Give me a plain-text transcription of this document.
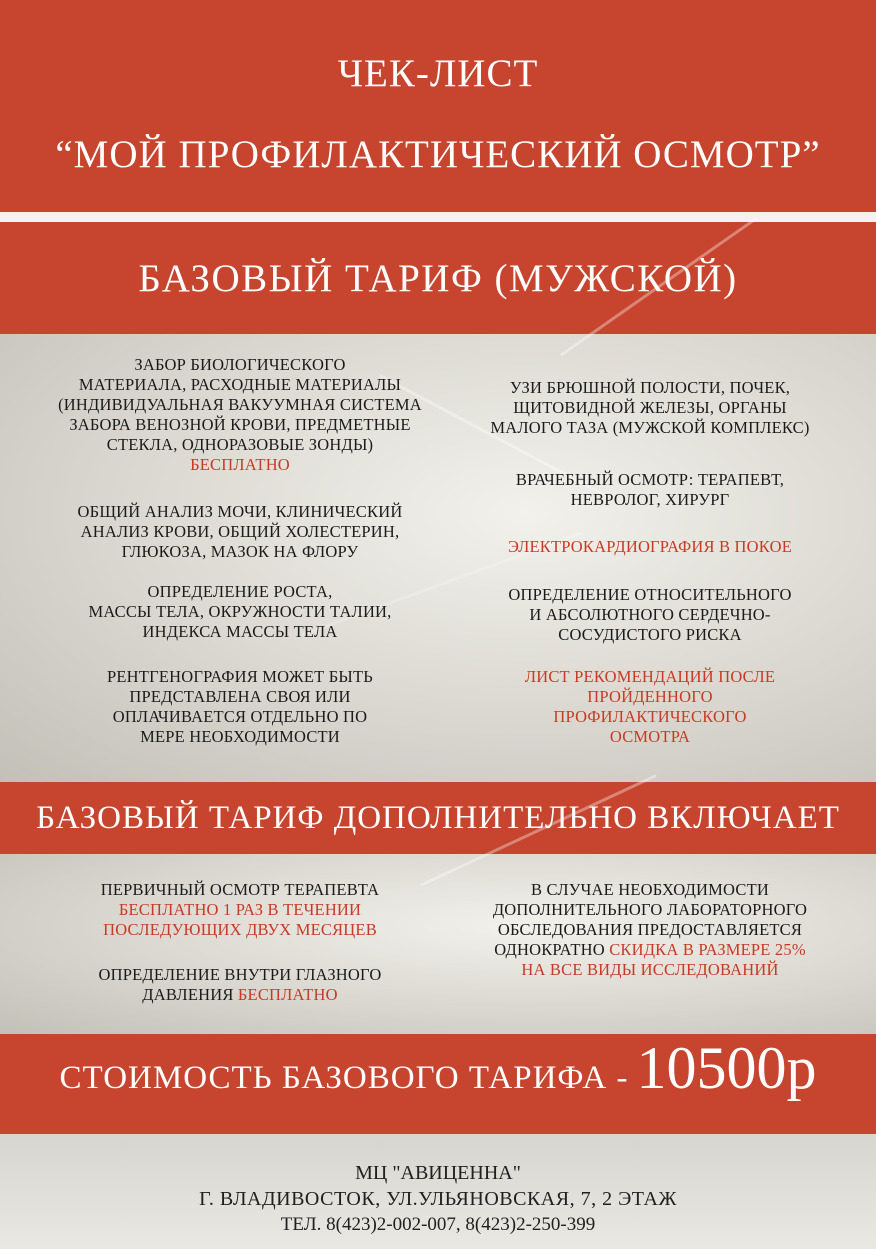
ЧЕК-ЛИСТ
“МОЙ ПРОФИЛАКТИЧЕСКИЙ ОСМОТР”
БАЗОВЫЙ ТАРИФ (МУЖСКОЙ)
ЗАБОР БИОЛОГИЧЕСКОГО
МАТЕРИАЛА, РАСХОДНЫЕ МАТЕРИАЛЫ
(ИНДИВИДУАЛЬНАЯ ВАКУУМНАЯ СИСТЕМА
ЗАБОРА ВЕНОЗНОЙ КРОВИ, ПРЕДМЕТНЫЕ
СТЕКЛА, ОДНОРАЗОВЫЕ ЗОНДЫ)
БЕСПЛАТНО
ОБЩИЙ АНАЛИЗ МОЧИ, КЛИНИЧЕСКИЙ
АНАЛИЗ КРОВИ, ОБЩИЙ ХОЛЕСТЕРИН,
ГЛЮКОЗА, МАЗОК НА ФЛОРУ
ОПРЕДЕЛЕНИЕ РОСТА,
МАССЫ ТЕЛА, ОКРУЖНОСТИ ТАЛИИ,
ИНДЕКСА МАССЫ ТЕЛА
РЕНТГЕНОГРАФИЯ МОЖЕТ БЫТЬ
ПРЕДСТАВЛЕНА СВОЯ ИЛИ
ОПЛАЧИВАЕТСЯ ОТДЕЛЬНО ПО
МЕРЕ НЕОБХОДИМОСТИ
УЗИ БРЮШНОЙ ПОЛОСТИ, ПОЧЕК,
ЩИТОВИДНОЙ ЖЕЛЕЗЫ, ОРГАНЫ
МАЛОГО ТАЗА (МУЖСКОЙ КОМПЛЕКС)
ВРАЧЕБНЫЙ ОСМОТР: ТЕРАПЕВТ,
НЕВРОЛОГ, ХИРУРГ
ЭЛЕКТРОКАРДИОГРАФИЯ В ПОКОЕ
ОПРЕДЕЛЕНИЕ ОТНОСИТЕЛЬНОГО
И АБСОЛЮТНОГО СЕРДЕЧНО-
СОСУДИСТОГО РИСКА
ЛИСТ РЕКОМЕНДАЦИЙ ПОСЛЕ
ПРОЙДЕННОГО
ПРОФИЛАКТИЧЕСКОГО
ОСМОТРА
БАЗОВЫЙ ТАРИФ ДОПОЛНИТЕЛЬНО ВКЛЮЧАЕТ
ПЕРВИЧНЫЙ ОСМОТР ТЕРАПЕВТА
БЕСПЛАТНО 1 РАЗ В ТЕЧЕНИИ
ПОСЛЕДУЮЩИХ ДВУХ МЕСЯЦЕВ
ОПРЕДЕЛЕНИЕ ВНУТРИ ГЛАЗНОГО
ДАВЛЕНИЯ БЕСПЛАТНО
В СЛУЧАЕ НЕОБХОДИМОСТИ
ДОПОЛНИТЕЛЬНОГО ЛАБОРАТОРНОГО
ОБСЛЕДОВАНИЯ ПРЕДОСТАВЛЯЕТСЯ
ОДНОКРАТНО СКИДКА В РАЗМЕРЕ 25%
НА ВСЕ ВИДЫ ИССЛЕДОВАНИЙ
СТОИМОСТЬ БАЗОВОГО ТАРИФА - 10500р
МЦ "АВИЦЕННА"
Г. ВЛАДИВОСТОК, УЛ.УЛЬЯНОВСКАЯ, 7, 2 ЭТАЖ
ТЕЛ. 8(423)2-002-007, 8(423)2-250-399
